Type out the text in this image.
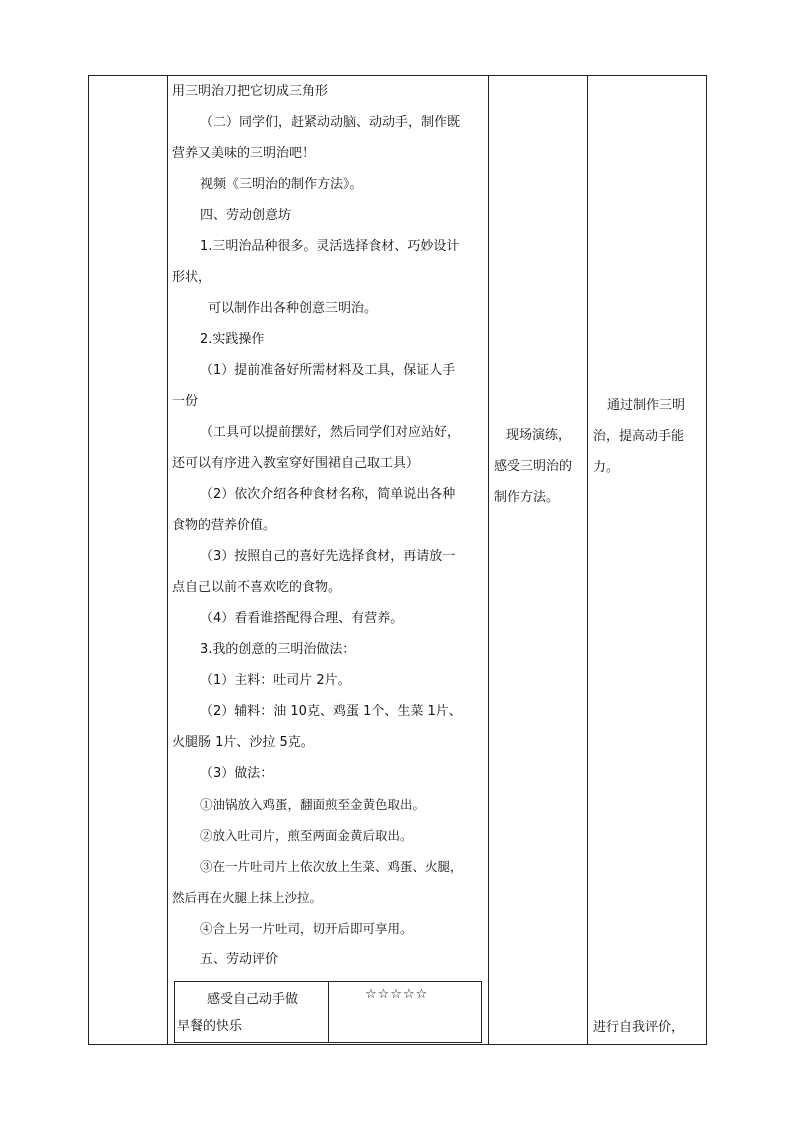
用三明治刀把它切成三角形

（二）同学们，赶紧动动脑、动动手，制作既

营养又美味的三明治吧！

视频《三明治的制作方法》。

四、劳动创意坊

1.三明治品种很多。灵活选择食材、巧妙设计

形状，

可以制作出各种创意三明治。

2.实践操作

（1）提前准备好所需材料及工具，保证人手

一份

（工具可以提前摆好，然后同学们对应站好，

还可以有序进入教室穿好围裙自己取工具）

（2）依次介绍各种食材名称，简单说出各种

食物的营养价值。

（3）按照自己的喜好先选择食材，再请放一

点自己以前不喜欢吃的食物。

（4）看看谁搭配得合理、有营养。

3.我的创意的三明治做法：

（1）主料：吐司片 2片。

（2）辅料：油 10克、鸡蛋 1个、生菜 1片、

火腿肠 1片、沙拉 5克。

（3）做法：

①油锅放入鸡蛋，翻面煎至金黄色取出。

②放入吐司片，煎至两面金黄后取出。

③在一片吐司片上依次放上生菜、鸡蛋、火腿，

然后再在火腿上抹上沙拉。

④合上另一片吐司，切开后即可享用。

五、劳动评价

感受自己动手做

早餐的快乐

☆☆☆☆☆

现场演练，

感受三明治的

制作方法。

通过制作三明

治，提高动手能

力。

进行自我评价，
